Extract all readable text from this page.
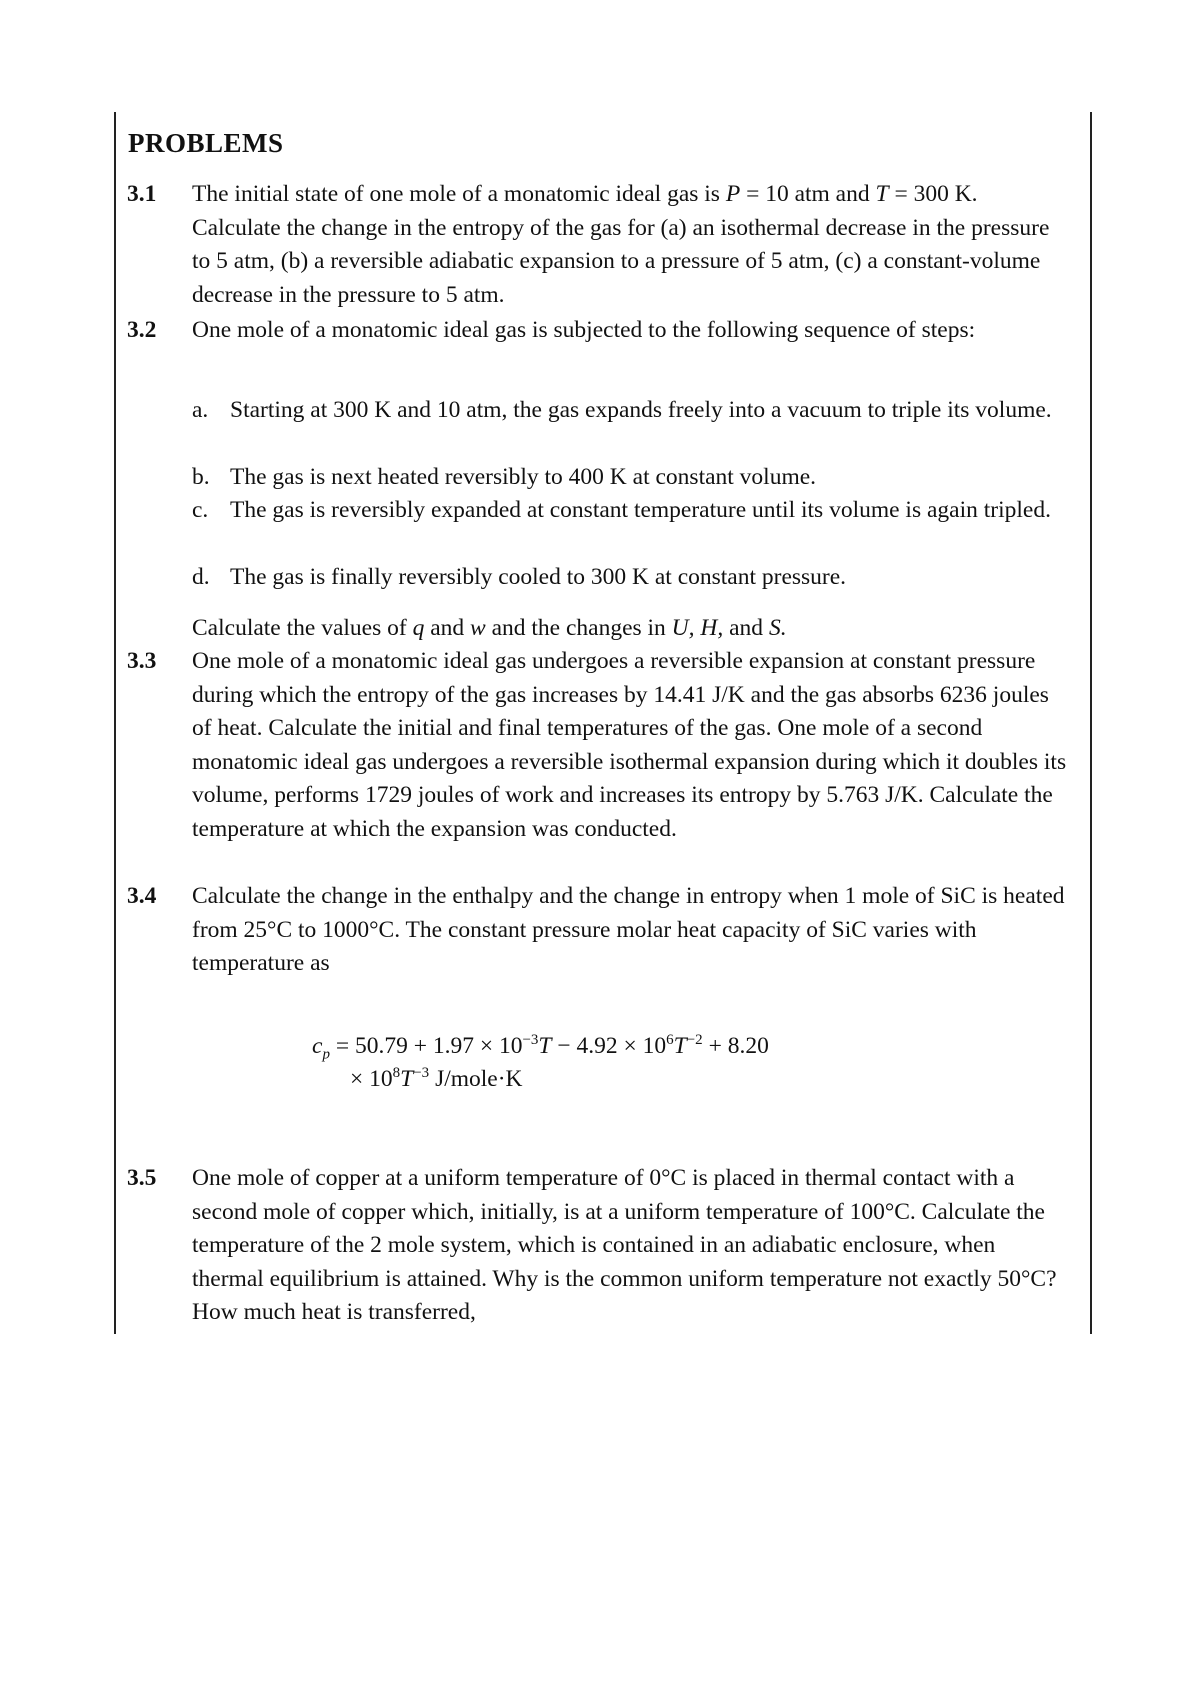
PROBLEMS
3.1 The initial state of one mole of a monatomic ideal gas is P = 10 atm and T = 300 K. Calculate the change in the entropy of the gas for (a) an isothermal decrease in the pressure to 5 atm, (b) a reversible adiabatic expansion to a pressure of 5 atm, (c) a constant-volume decrease in the pressure to 5 atm.
3.2 One mole of a monatomic ideal gas is subjected to the following sequence of steps:
a. Starting at 300 K and 10 atm, the gas expands freely into a vacuum to triple its volume.
b. The gas is next heated reversibly to 400 K at constant volume.
c. The gas is reversibly expanded at constant temperature until its volume is again tripled.
d. The gas is finally reversibly cooled to 300 K at constant pressure.
Calculate the values of q and w and the changes in U, H, and S.
3.3 One mole of a monatomic ideal gas undergoes a reversible expansion at constant pressure during which the entropy of the gas increases by 14.41 J/K and the gas absorbs 6236 joules of heat. Calculate the initial and final temperatures of the gas. One mole of a second monatomic ideal gas undergoes a reversible isothermal expansion during which it doubles its volume, performs 1729 joules of work and increases its entropy by 5.763 J/K. Calculate the temperature at which the expansion was conducted.
3.4 Calculate the change in the enthalpy and the change in entropy when 1 mole of SiC is heated from 25°C to 1000°C. The constant pressure molar heat capacity of SiC varies with temperature as
$c_p = 50.79 + 1.97 \times 10^{-3}T - 4.92 \times 10^6T^{-2} + 8.20$
× $10^8T^{-3}$ J/mole·K
3.5 One mole of copper at a uniform temperature of 0°C is placed in thermal contact with a second mole of copper which, initially, is at a uniform temperature of 100°C. Calculate the temperature of the 2 mole system, which is contained in an adiabatic enclosure, when thermal equilibrium is attained. Why is the common uniform temperature not exactly 50°C? How much heat is transferred,
